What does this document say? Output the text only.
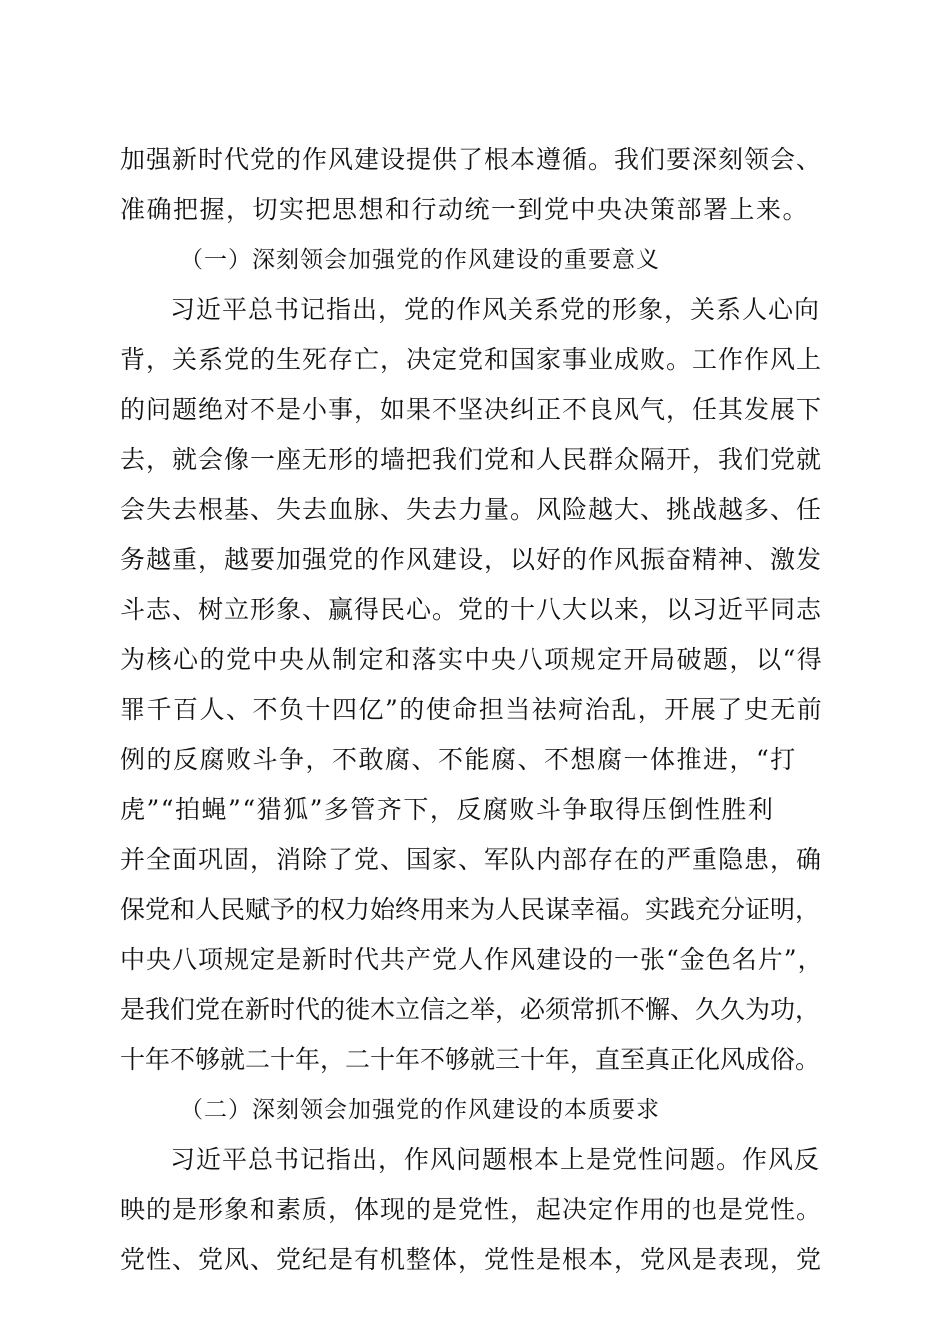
加强新时代党的作风建设提供了根本遵循。我们要深刻领会、
准确把握，切实把思想和行动统一到党中央决策部署上来。
（一）深刻领会加强党的作风建设的重要意义
习近平总书记指出，党的作风关系党的形象，关系人心向
背，关系党的生死存亡，决定党和国家事业成败。工作作风上
的问题绝对不是小事，如果不坚决纠正不良风气，任其发展下
去，就会像一座无形的墙把我们党和人民群众隔开，我们党就
会失去根基、失去血脉、失去力量。风险越大、挑战越多、任
务越重，越要加强党的作风建设，以好的作风振奋精神、激发
斗志、树立形象、赢得民心。党的十八大以来，以习近平同志
为核心的党中央从制定和落实中央八项规定开局破题，以“得
罪千百人、不负十四亿”的使命担当祛疴治乱，开展了史无前
例的反腐败斗争，不敢腐、不能腐、不想腐一体推进，“打
虎”“拍蝇”“猎狐”多管齐下，反腐败斗争取得压倒性胜利
并全面巩固，消除了党、国家、军队内部存在的严重隐患，确
保党和人民赋予的权力始终用来为人民谋幸福。实践充分证明，
中央八项规定是新时代共产党人作风建设的一张“金色名片”，
是我们党在新时代的徙木立信之举，必须常抓不懈、久久为功，
十年不够就二十年，二十年不够就三十年，直至真正化风成俗。
（二）深刻领会加强党的作风建设的本质要求
习近平总书记指出，作风问题根本上是党性问题。作风反
映的是形象和素质，体现的是党性，起决定作用的也是党性。
党性、党风、党纪是有机整体，党性是根本，党风是表现，党
